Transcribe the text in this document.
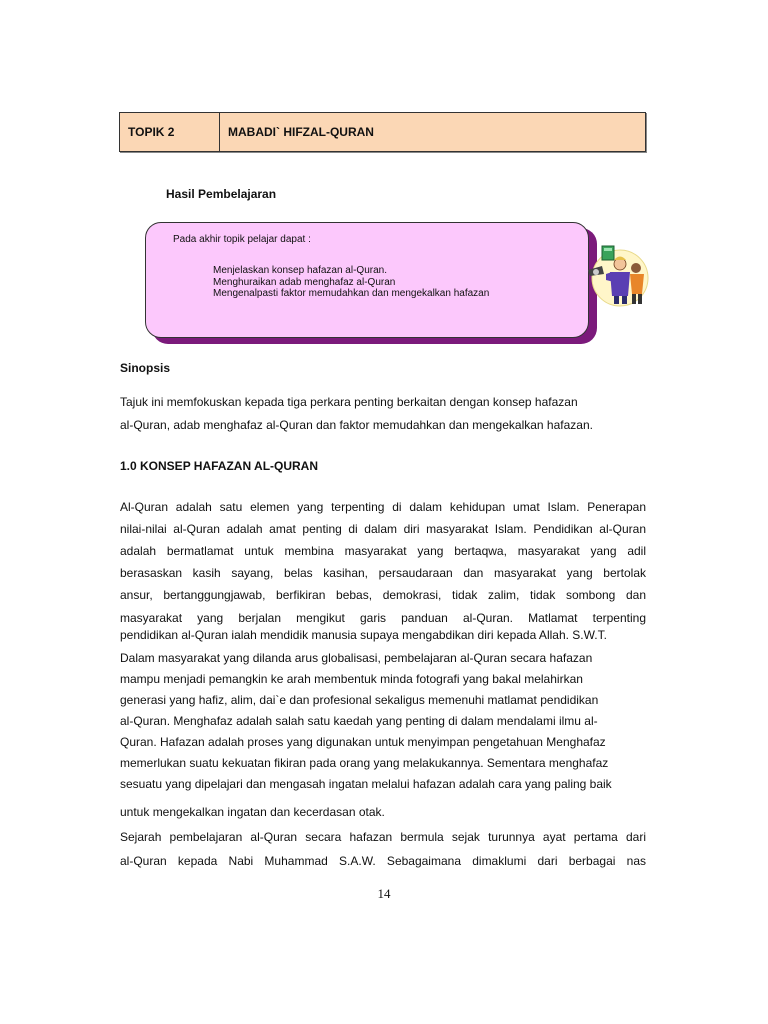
TOPIK 2	MABADI` HIFZAL-QURAN
Hasil Pembelajaran
Pada akhir topik pelajar dapat :
Menjelaskan konsep hafazan al-Quran.
Menghuraikan adab menghafaz al-Quran
Mengenalpasti faktor memudahkan dan mengekalkan hafazan
Sinopsis
Tajuk ini memfokuskan kepada tiga perkara penting berkaitan dengan konsep hafazan
al-Quran, adab menghafaz al-Quran dan faktor memudahkan dan mengekalkan hafazan.
1.0 KONSEP HAFAZAN AL-QURAN
Al-Quran adalah satu elemen yang terpenting di dalam kehidupan umat Islam. Penerapan
nilai-nilai al-Quran adalah amat penting di dalam diri masyarakat Islam. Pendidikan al-Quran
adalah bermatlamat untuk membina masyarakat yang bertaqwa, masyarakat yang adil
berasaskan kasih sayang, belas kasihan, persaudaraan dan masyarakat yang bertolak
ansur, bertanggungjawab, berfikiran bebas, demokrasi, tidak zalim, tidak sombong dan
masyarakat yang berjalan mengikut garis panduan al-Quran. Matlamat terpenting
pendidikan al-Quran ialah mendidik manusia supaya mengabdikan diri kepada Allah. S.W.T.
Dalam masyarakat yang dilanda arus globalisasi, pembelajaran al-Quran secara hafazan
mampu menjadi pemangkin ke arah membentuk minda fotografi yang bakal melahirkan
generasi yang hafiz, alim, dai`e dan profesional sekaligus memenuhi matlamat pendidikan
al-Quran. Menghafaz adalah salah satu kaedah yang penting di dalam mendalami ilmu al-
Quran. Hafazan adalah proses yang digunakan untuk menyimpan pengetahuan Menghafaz
memerlukan suatu kekuatan fikiran pada orang yang melakukannya. Sementara menghafaz
sesuatu yang dipelajari dan mengasah ingatan melalui hafazan adalah cara yang paling baik
untuk mengekalkan ingatan dan kecerdasan otak.
Sejarah pembelajaran al-Quran secara hafazan bermula sejak turunnya ayat pertama dari
al-Quran kepada Nabi Muhammad S.A.W. Sebagaimana dimaklumi dari berbagai nas
14
